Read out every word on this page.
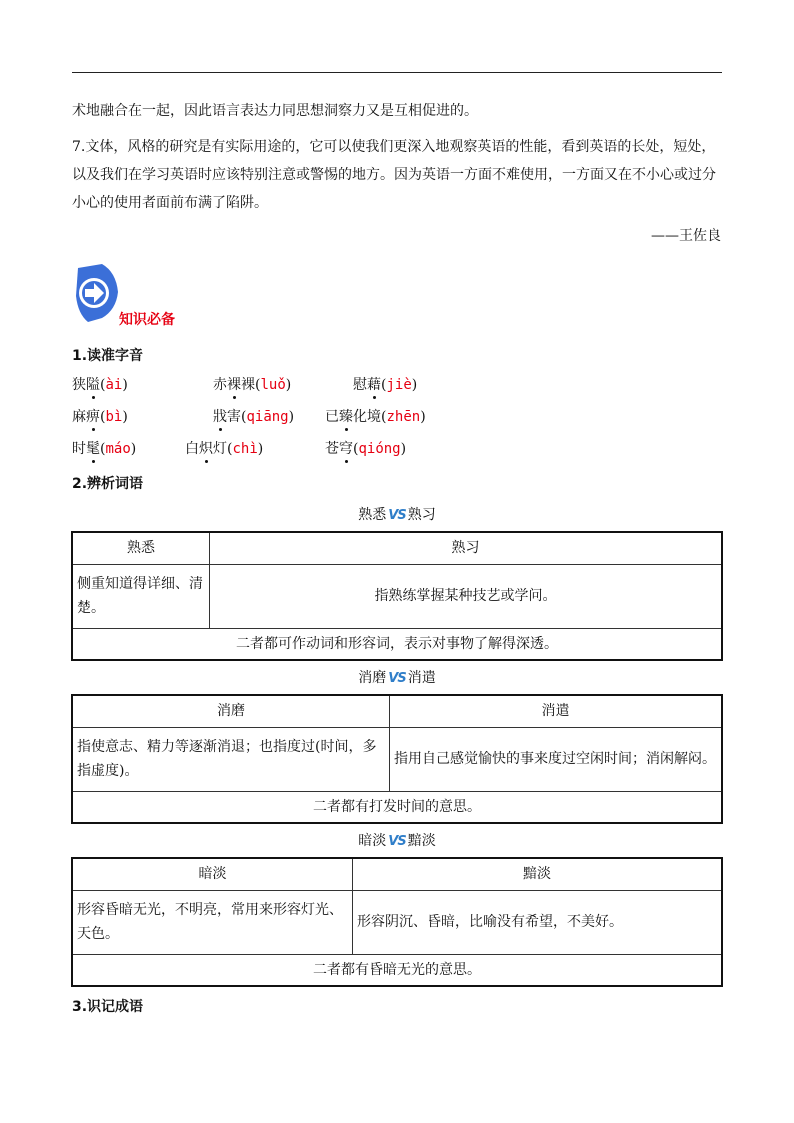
术地融合在一起，因此语言表达力同思想洞察力又是互相促进的。

7.文体，风格的研究是有实际用途的，它可以使我们更深入地观察英语的性能，看到英语的长处，短处，以及我们在学习英语时应该特别注意或警惕的地方。因为英语一方面不难使用，一方面又在不小心或过分小心的使用者面前布满了陷阱。

——王佐良
知识必备
1.读准字音
狭隘(ài)	赤裸裸(luǒ)	慰藉(jiè)
麻痹(bì)	戕害(qiāng) 已臻化境(zhēn)
时髦(máo)	白炽灯(chì)	苍穹(qióng)
2.辨析词语
熟悉 VS 熟习
熟悉	熟习
侧重知道得详细、清楚。	指熟练掌握某种技艺或学问。
二者都可作动词和形容词，表示对事物了解得深透。	
消磨 VS 消遣
消磨	消遣
指使意志、精力等逐渐消退；也指度过(时间，多指虚度)。	指用自己感觉愉快的事来度过空闲时间；消闲解闷。
二者都有打发时间的意思。	
暗淡 VS 黯淡
暗淡	黯淡
形容昏暗无光，不明亮，常用来形容灯光、天色。	形容阴沉、昏暗，比喻没有希望，不美好。
二者都有昏暗无光的意思。	
3.识记成语
